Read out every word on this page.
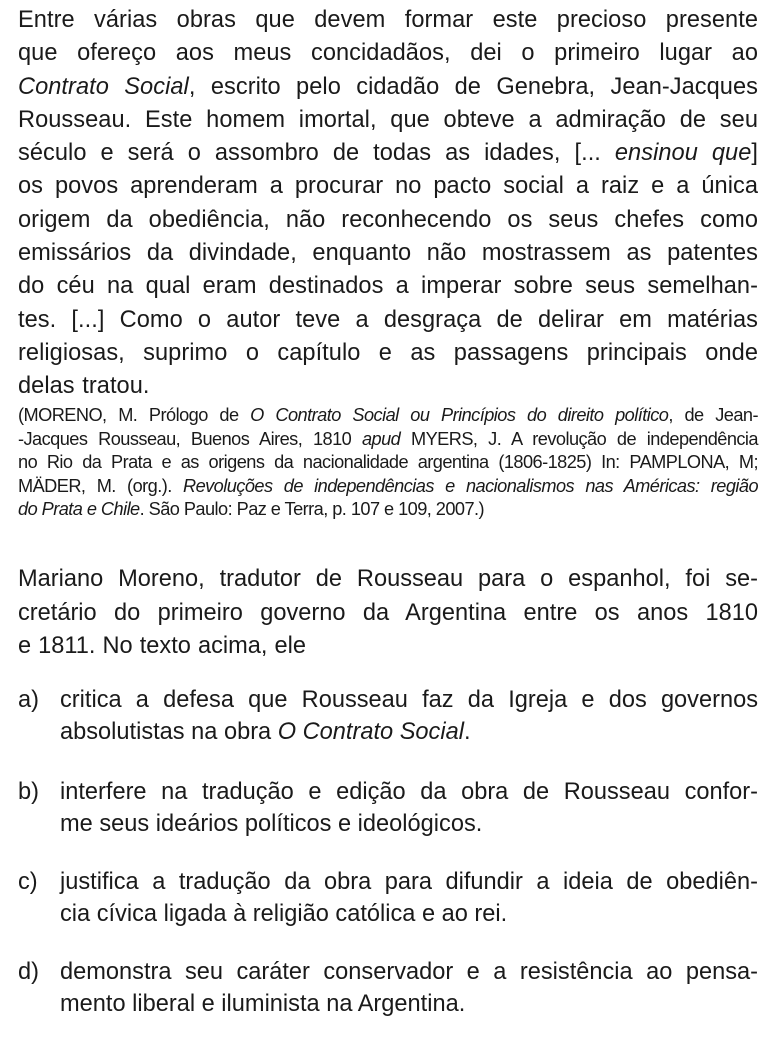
Entre várias obras que devem formar este precioso presente
que ofereço aos meus concidadãos, dei o primeiro lugar ao
Contrato Social, escrito pelo cidadão de Genebra, Jean-Jacques
Rousseau. Este homem imortal, que obteve a admiração de seu
século e será o assombro de todas as idades, [... ensinou que]
os povos aprenderam a procurar no pacto social a raiz e a única
origem da obediência, não reconhecendo os seus chefes como
emissários da divindade, enquanto não mostrassem as patentes
do céu na qual eram destinados a imperar sobre seus semelhan-
tes. [...] Como o autor teve a desgraça de delirar em matérias
religiosas, suprimo o capítulo e as passagens principais onde
delas tratou.
(MORENO, M. Prólogo de O Contrato Social ou Princípios do direito político, de Jean-
-Jacques Rousseau, Buenos Aires, 1810 apud MYERS, J. A revolução de independência
no Rio da Prata e as origens da nacionalidade argentina (1806-1825) In: PAMPLONA, M;
MÄDER, M. (org.). Revoluções de independências e nacionalismos nas Américas: região
do Prata e Chile. São Paulo: Paz e Terra, p. 107 e 109, 2007.)
Mariano Moreno, tradutor de Rousseau para o espanhol, foi se-
cretário do primeiro governo da Argentina entre os anos 1810
e 1811. No texto acima, ele
a) critica a defesa que Rousseau faz da Igreja e dos governos
absolutistas na obra O Contrato Social.
b) interfere na tradução e edição da obra de Rousseau confor-
me seus ideários políticos e ideológicos.
c) justifica a tradução da obra para difundir a ideia de obediên-
cia cívica ligada à religião católica e ao rei.
d) demonstra seu caráter conservador e a resistência ao pensa-
mento liberal e iluminista na Argentina.
